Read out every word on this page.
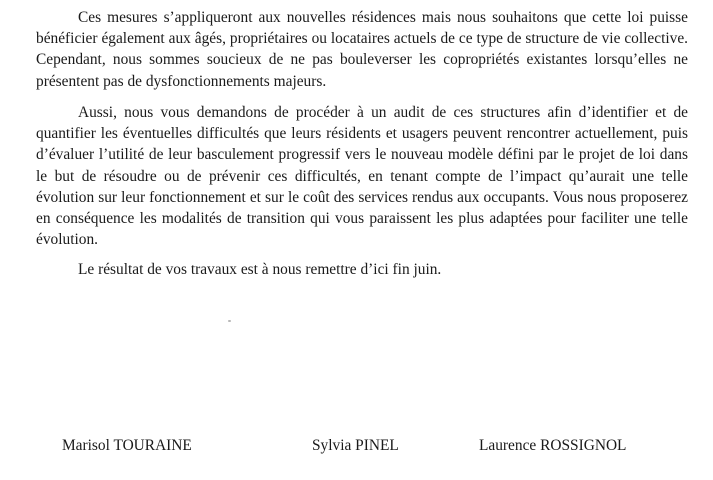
Ces mesures s’appliqueront aux nouvelles résidences mais nous souhaitons que cette loi puisse bénéficier également aux âgés, propriétaires ou locataires actuels de ce type de structure de vie collective. Cependant, nous sommes soucieux de ne pas bouleverser les copropriétés existantes lorsqu’elles ne présentent pas de dysfonctionnements majeurs.

Aussi, nous vous demandons de procéder à un audit de ces structures afin d’identifier et de quantifier les éventuelles difficultés que leurs résidents et usagers peuvent rencontrer actuellement, puis d’évaluer l’utilité de leur basculement progressif vers le nouveau modèle défini par le projet de loi dans le but de résoudre ou de prévenir ces difficultés, en tenant compte de l’impact qu’aurait une telle évolution sur leur fonctionnement et sur le coût des services rendus aux occupants. Vous nous proposerez en conséquence les modalités de transition qui vous paraissent les plus adaptées pour faciliter une telle évolution.

Le résultat de vos travaux est à nous remettre d’ici fin juin.

Marisol TOURAINE	Sylvia PINEL	Laurence ROSSIGNOL
